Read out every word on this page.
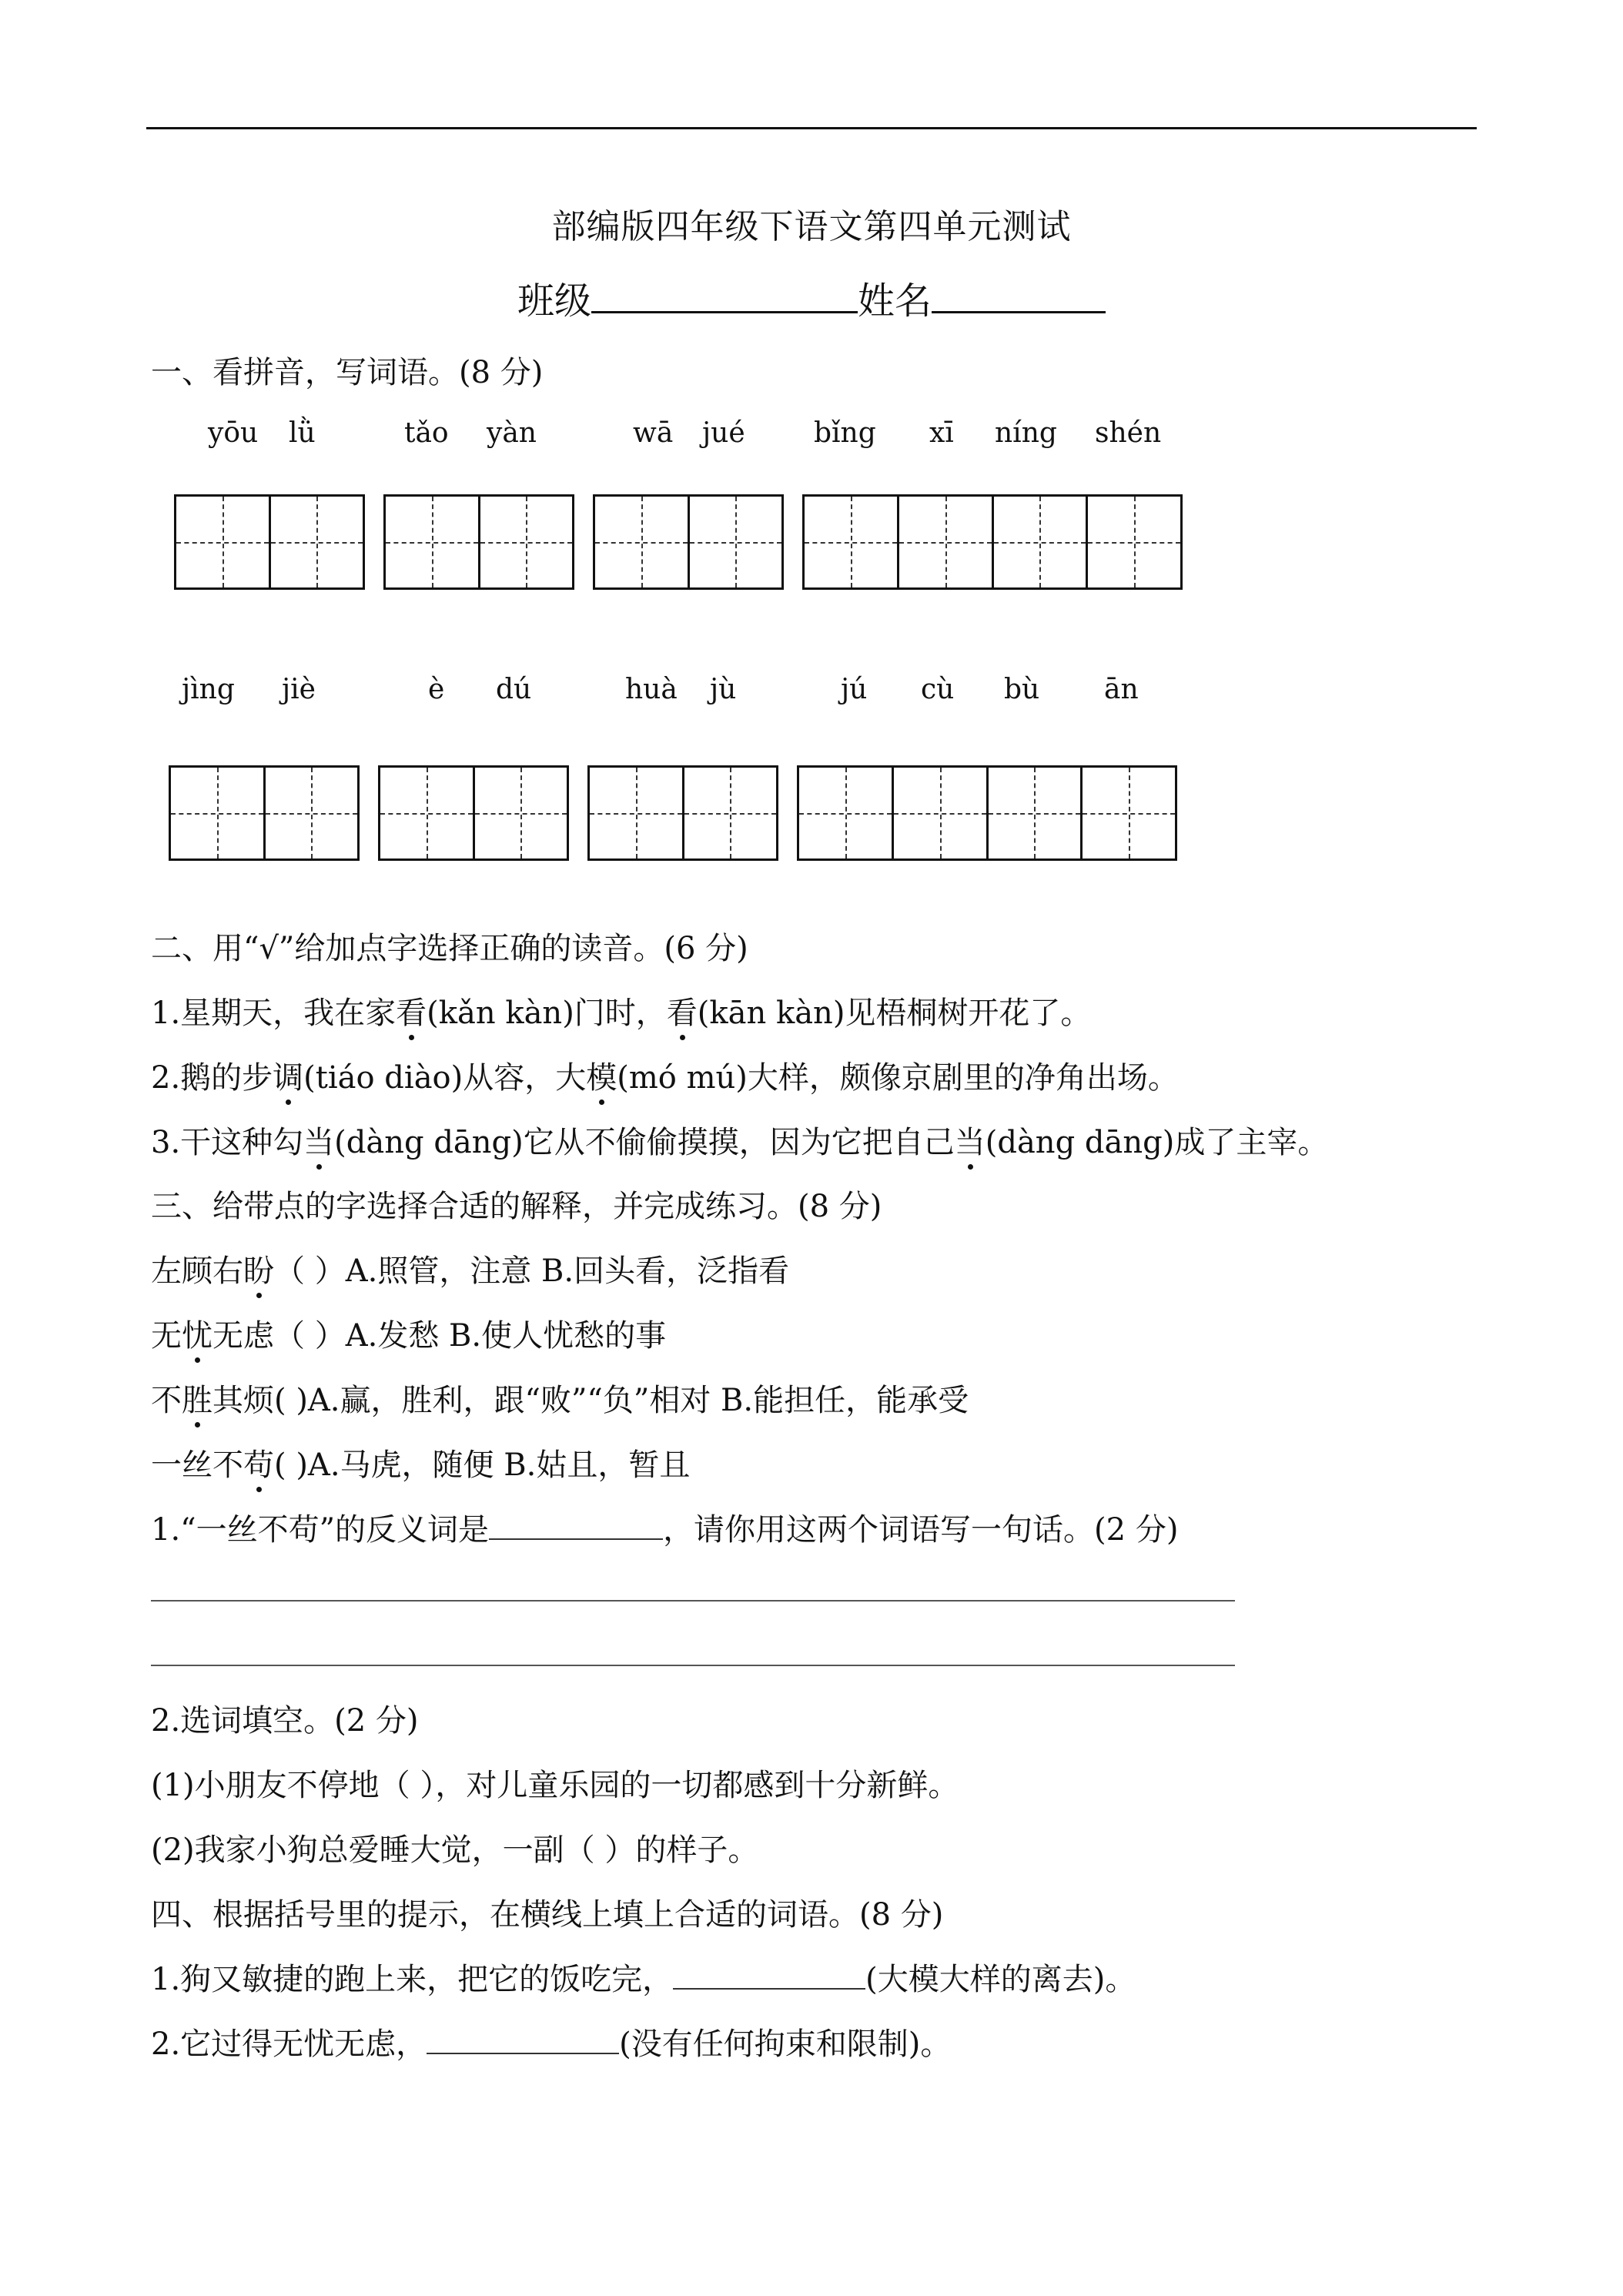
部编版四年级下语文第四单元测试
班级	姓名
一、看拼音，写词语。(8 分)
yōu lǜ	tǎo yàn	wā jué bǐng xī níng shén
jìng jiè	è dú	huà jù	jú cù bù ān
二、用“√”给加点字选择正确的读音。(6 分)
1.星期天，我在家看(kǎn kàn)门时，看(kān kàn)见梧桐树开花了。
2.鹅的步调(tiáo diào)从容，大模(mó mú)大样，颇像京剧里的净角出场。
3.干这种勾当(dàng dāng)它从不偷偷摸摸，因为它把自己当(dàng dāng)成了主宰。
三、给带点的字选择合适的解释，并完成练习。(8 分)
左顾右盼（ ）A.照管，注意 B.回头看，泛指看
无忧无虑（ ）A.发愁 B.使人忧愁的事
不胜其烦( )A.赢，胜利，跟“败”“负”相对 B.能担任，能承受
一丝不苟( )A.马虎，随便 B.姑且，暂且
1.“一丝不苟”的反义词是	，请你用这两个词语写一句话。(2 分)
2.选词填空。(2 分)
(1)小朋友不停地（ ），对儿童乐园的一切都感到十分新鲜。
(2)我家小狗总爱睡大觉，一副（ ）的样子。
四、根据括号里的提示，在横线上填上合适的词语。(8 分)
1.狗又敏捷的跑上来，把它的饭吃完，	(大模大样的离去)。
2.它过得无忧无虑，	(没有任何拘束和限制)。
